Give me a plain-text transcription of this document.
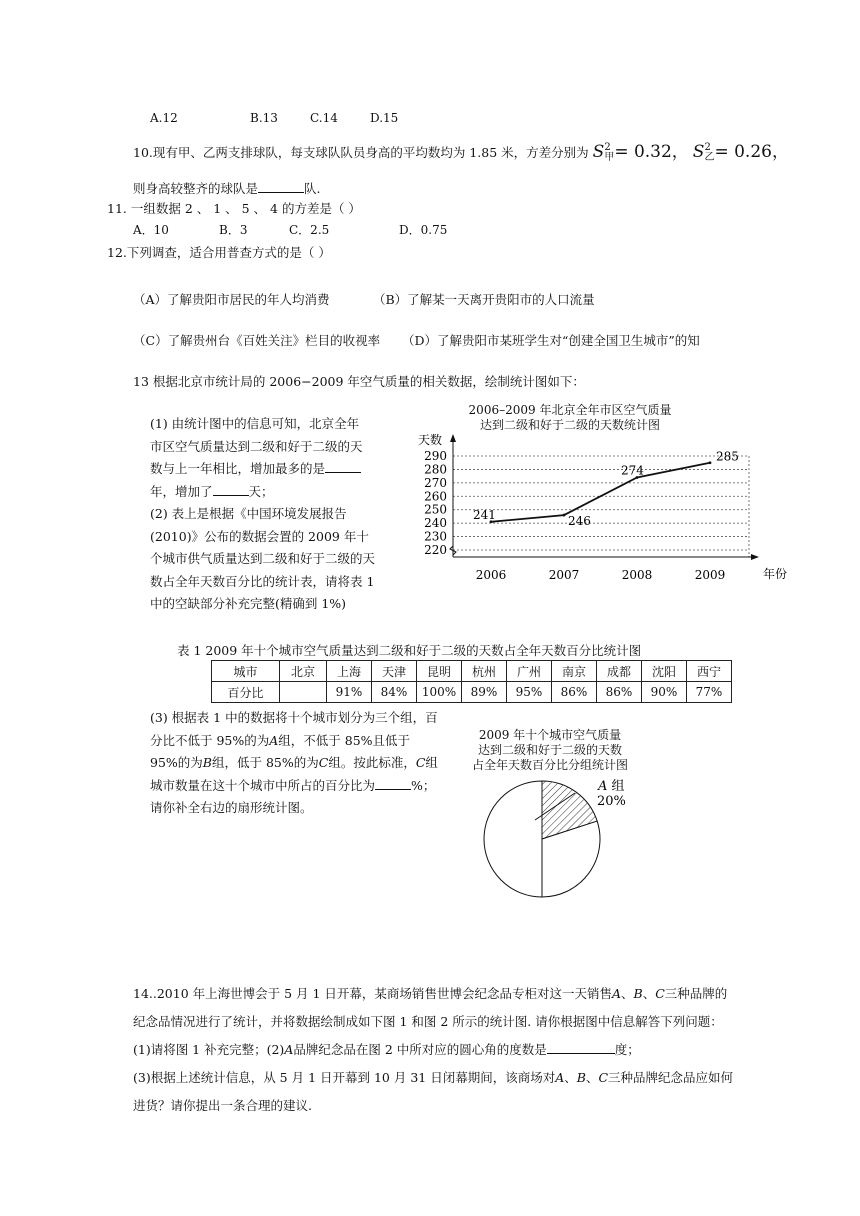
A.12	B.13	C.14	D.15
10.现有甲、乙两支排球队，每支球队队员身高的平均数均为 1.85 米，方差分别为 S 2
甲 = 0.32， S 2
乙 = 0.26，
则身高较整齐的球队是	队.
11. 一组数据 2 、 1 、 5 、 4 的方差是（ ）
A．10	B．3	C．2.5	D．0.75
12.下列调查，适合用普查方式的是（ ）
（A）了解贵阳市居民的年人均消费	（B）了解某一天离开贵阳市的人口流量
（C）了解贵州台《百姓关注》栏目的收视率 （D）了解贵阳市某班学生对“创建全国卫生城市”的知
13 根据北京市统计局的 2006−2009 年空气质量的相关数据，绘制统计图如下：
(1) 由统计图中的信息可知，北京全年市区空气质量达到二级和好于二级的天数与上一年相比，增加最多的是年，增加了	天；
(2) 表上是根据《中国环境发展报告(2010)》公布的数据会置的 2009 年十个城市供气质量达到二级和好于二级的天数占全年天数百分比的统计表，请将表 1 中的空缺部分补充完整(精确到 1%)
2006–2009 年北京全年市区空气质量
达到二级和好于二级的天数统计图
天数
年份
220
230
240
250
260
270
280
290
2006	2007	2008	2009
241	246
274
285
表 1 2009 年十个城市空气质量达到二级和好于二级的天数占全年天数百分比统计图
城市	北京	上海	天津	昆明	杭州	广州	南京	成都	沈阳	西宁
百分比		91%	84%	100%	89%	95%	86%	86%	90%	77%
(3) 根据表 1 中的数据将十个城市划分为三个组，百分比不低于 95%的为A组，不低于 85%且低于 95%的为B组，低于 85%的为C组。按此标准，C组城市数量在这十个城市中所占的百分比为	%；请你补全右边的扇形统计图。
2009 年十个城市空气质量
达到二级和好于二级的天数
占全年天数百分比分组统计图
A 组
20%
14..2010 年上海世博会于 5 月 1 日开幕，某商场销售世博会纪念品专柜对这一天销售A、B、C三种品牌的
纪念品情况进行了统计，并将数据绘制成如下图 1 和图 2 所示的统计图. 请你根据图中信息解答下列问题：
(1)请将图 1 补充完整；(2)A品牌纪念品在图 2 中所对应的圆心角的度数是	度；
(3)根据上述统计信息，从 5 月 1 日开幕到 10 月 31 日闭幕期间，该商场对A、B、C三种品牌纪念品应如何
进货？请你提出一条合理的建议.
